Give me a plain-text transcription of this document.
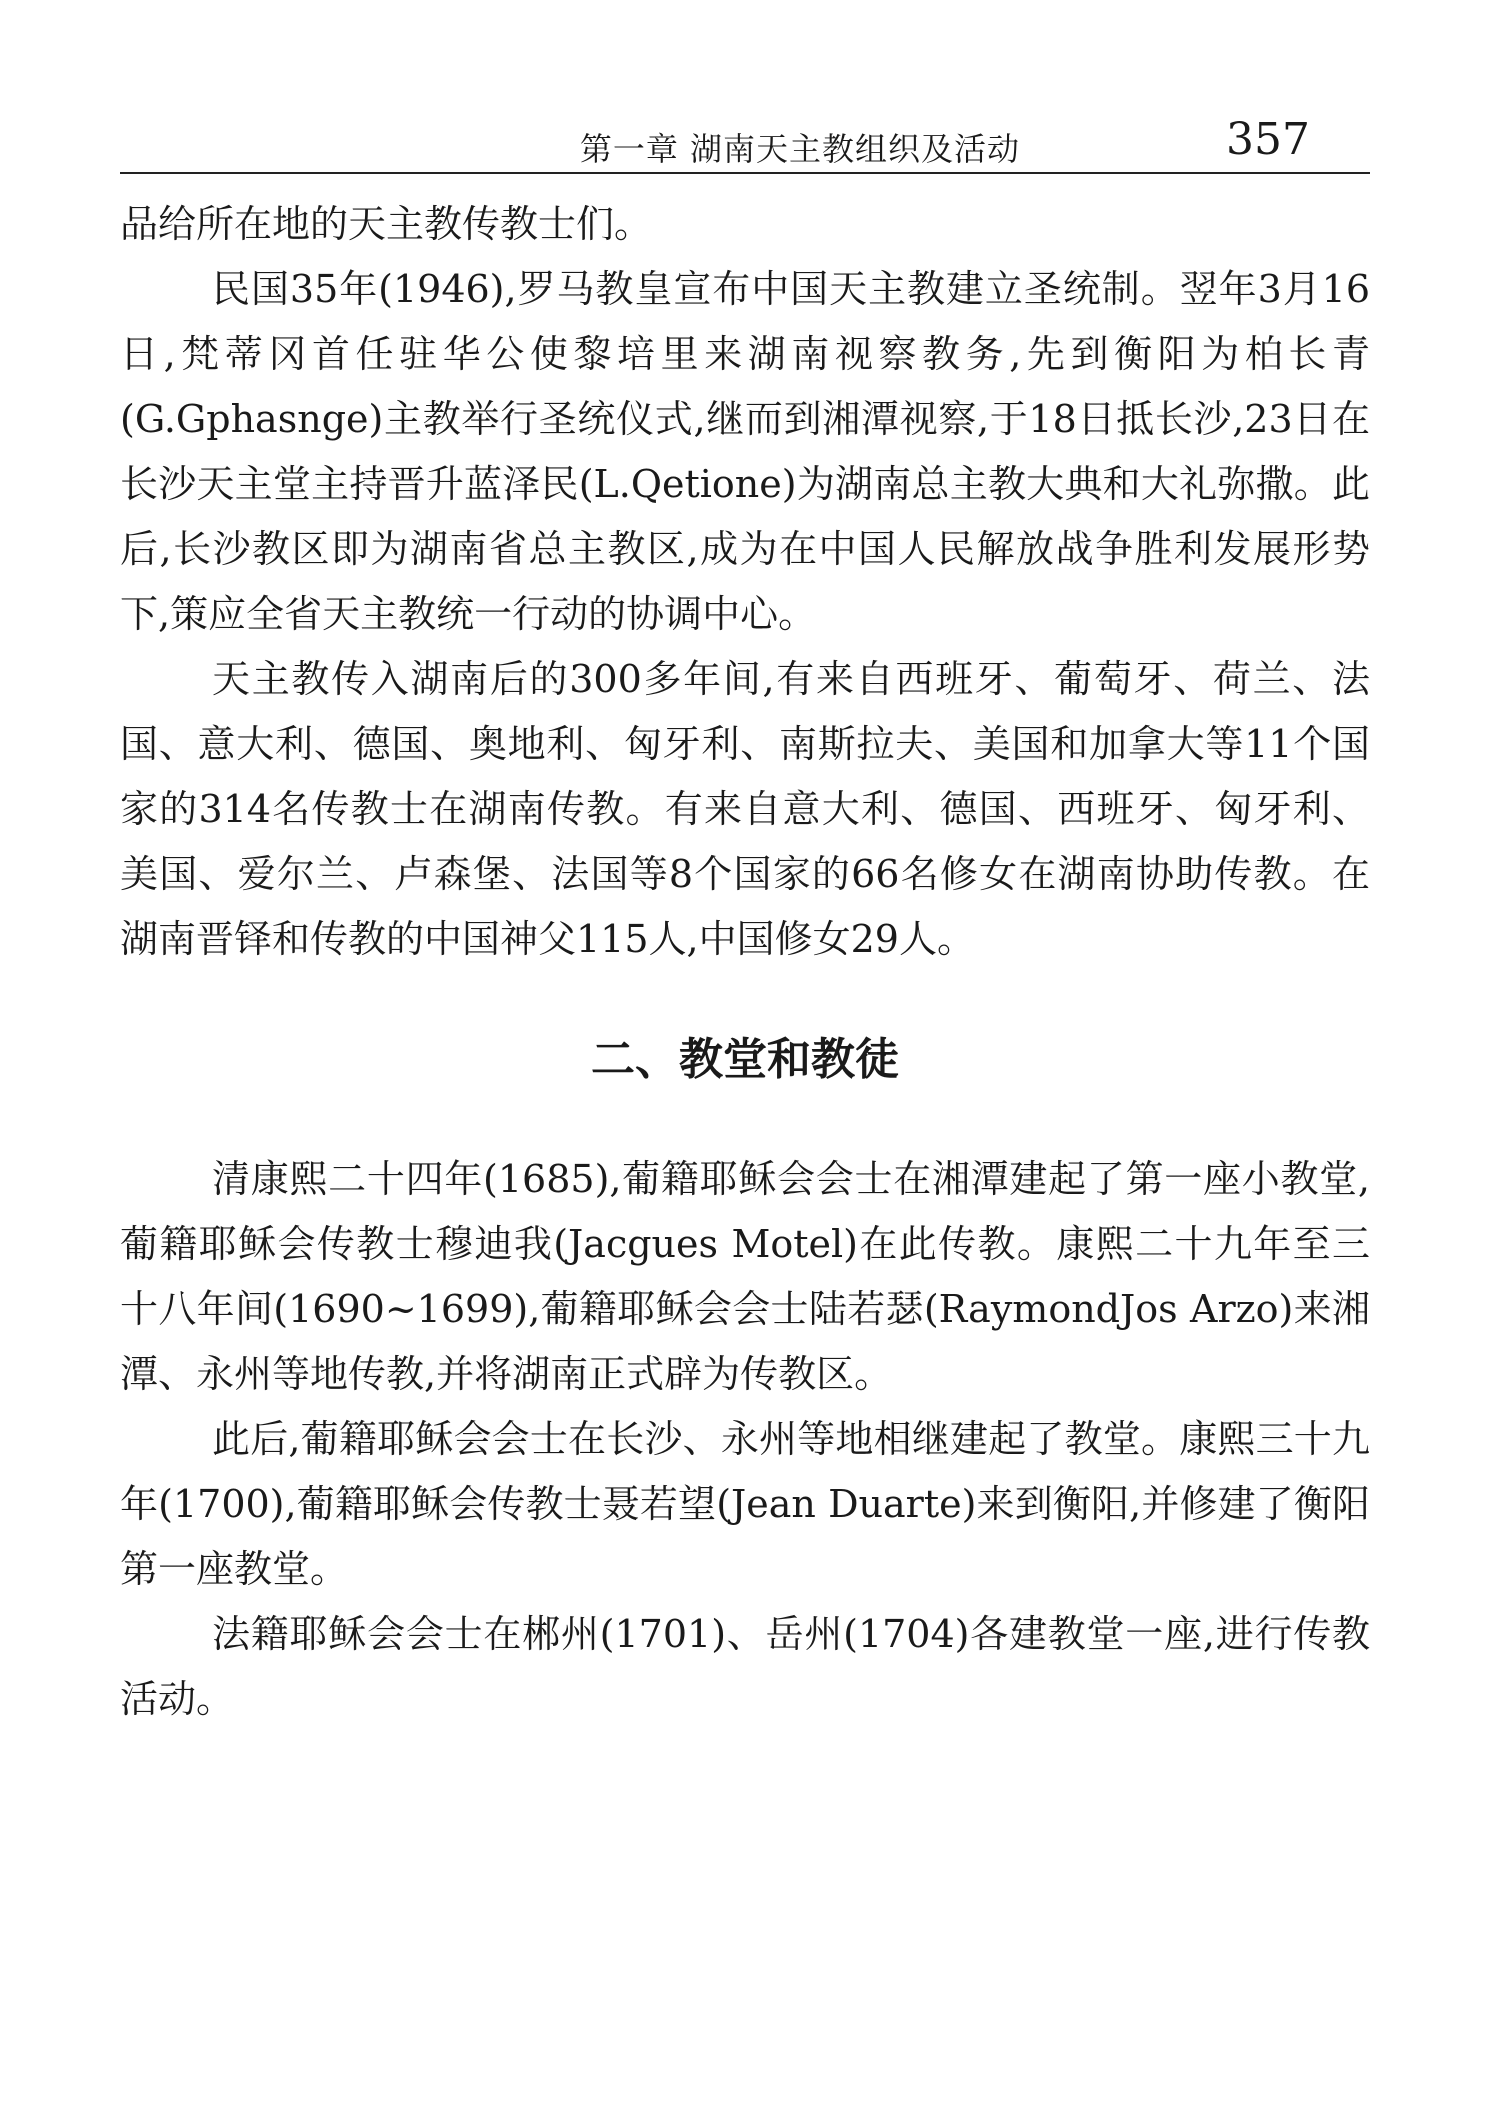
第一章 湖南天主教组织及活动	357

品给所在地的天主教传教士们。

民国35年(1946),罗马教皇宣布中国天主教建立圣统制。翌年3月16日,梵蒂冈首任驻华公使黎培里来湖南视察教务,先到衡阳为柏长青(G.Gphasnge)主教举行圣统仪式,继而到湘潭视察,于18日抵长沙,23日在长沙天主堂主持晋升蓝泽民(L.Qetione)为湖南总主教大典和大礼弥撒。此后,长沙教区即为湖南省总主教区,成为在中国人民解放战争胜利发展形势下,策应全省天主教统一行动的协调中心。

天主教传入湖南后的300多年间,有来自西班牙、葡萄牙、荷兰、法国、意大利、德国、奥地利、匈牙利、南斯拉夫、美国和加拿大等11个国家的314名传教士在湖南传教。有来自意大利、德国、西班牙、匈牙利、美国、爱尔兰、卢森堡、法国等8个国家的66名修女在湖南协助传教。在湖南晋铎和传教的中国神父115人,中国修女29人。

二、教堂和教徒

清康熙二十四年(1685),葡籍耶稣会会士在湘潭建起了第一座小教堂,葡籍耶稣会传教士穆迪我(Jacgues Motel)在此传教。康熙二十九年至三十八年间(1690~1699),葡籍耶稣会会士陆若瑟(RaymondJos Arzo)来湘潭、永州等地传教,并将湖南正式辟为传教区。

此后,葡籍耶稣会会士在长沙、永州等地相继建起了教堂。康熙三十九年(1700),葡籍耶稣会传教士聂若望(Jean Duarte)来到衡阳,并修建了衡阳第一座教堂。

法籍耶稣会会士在郴州(1701)、岳州(1704)各建教堂一座,进行传教活动。
